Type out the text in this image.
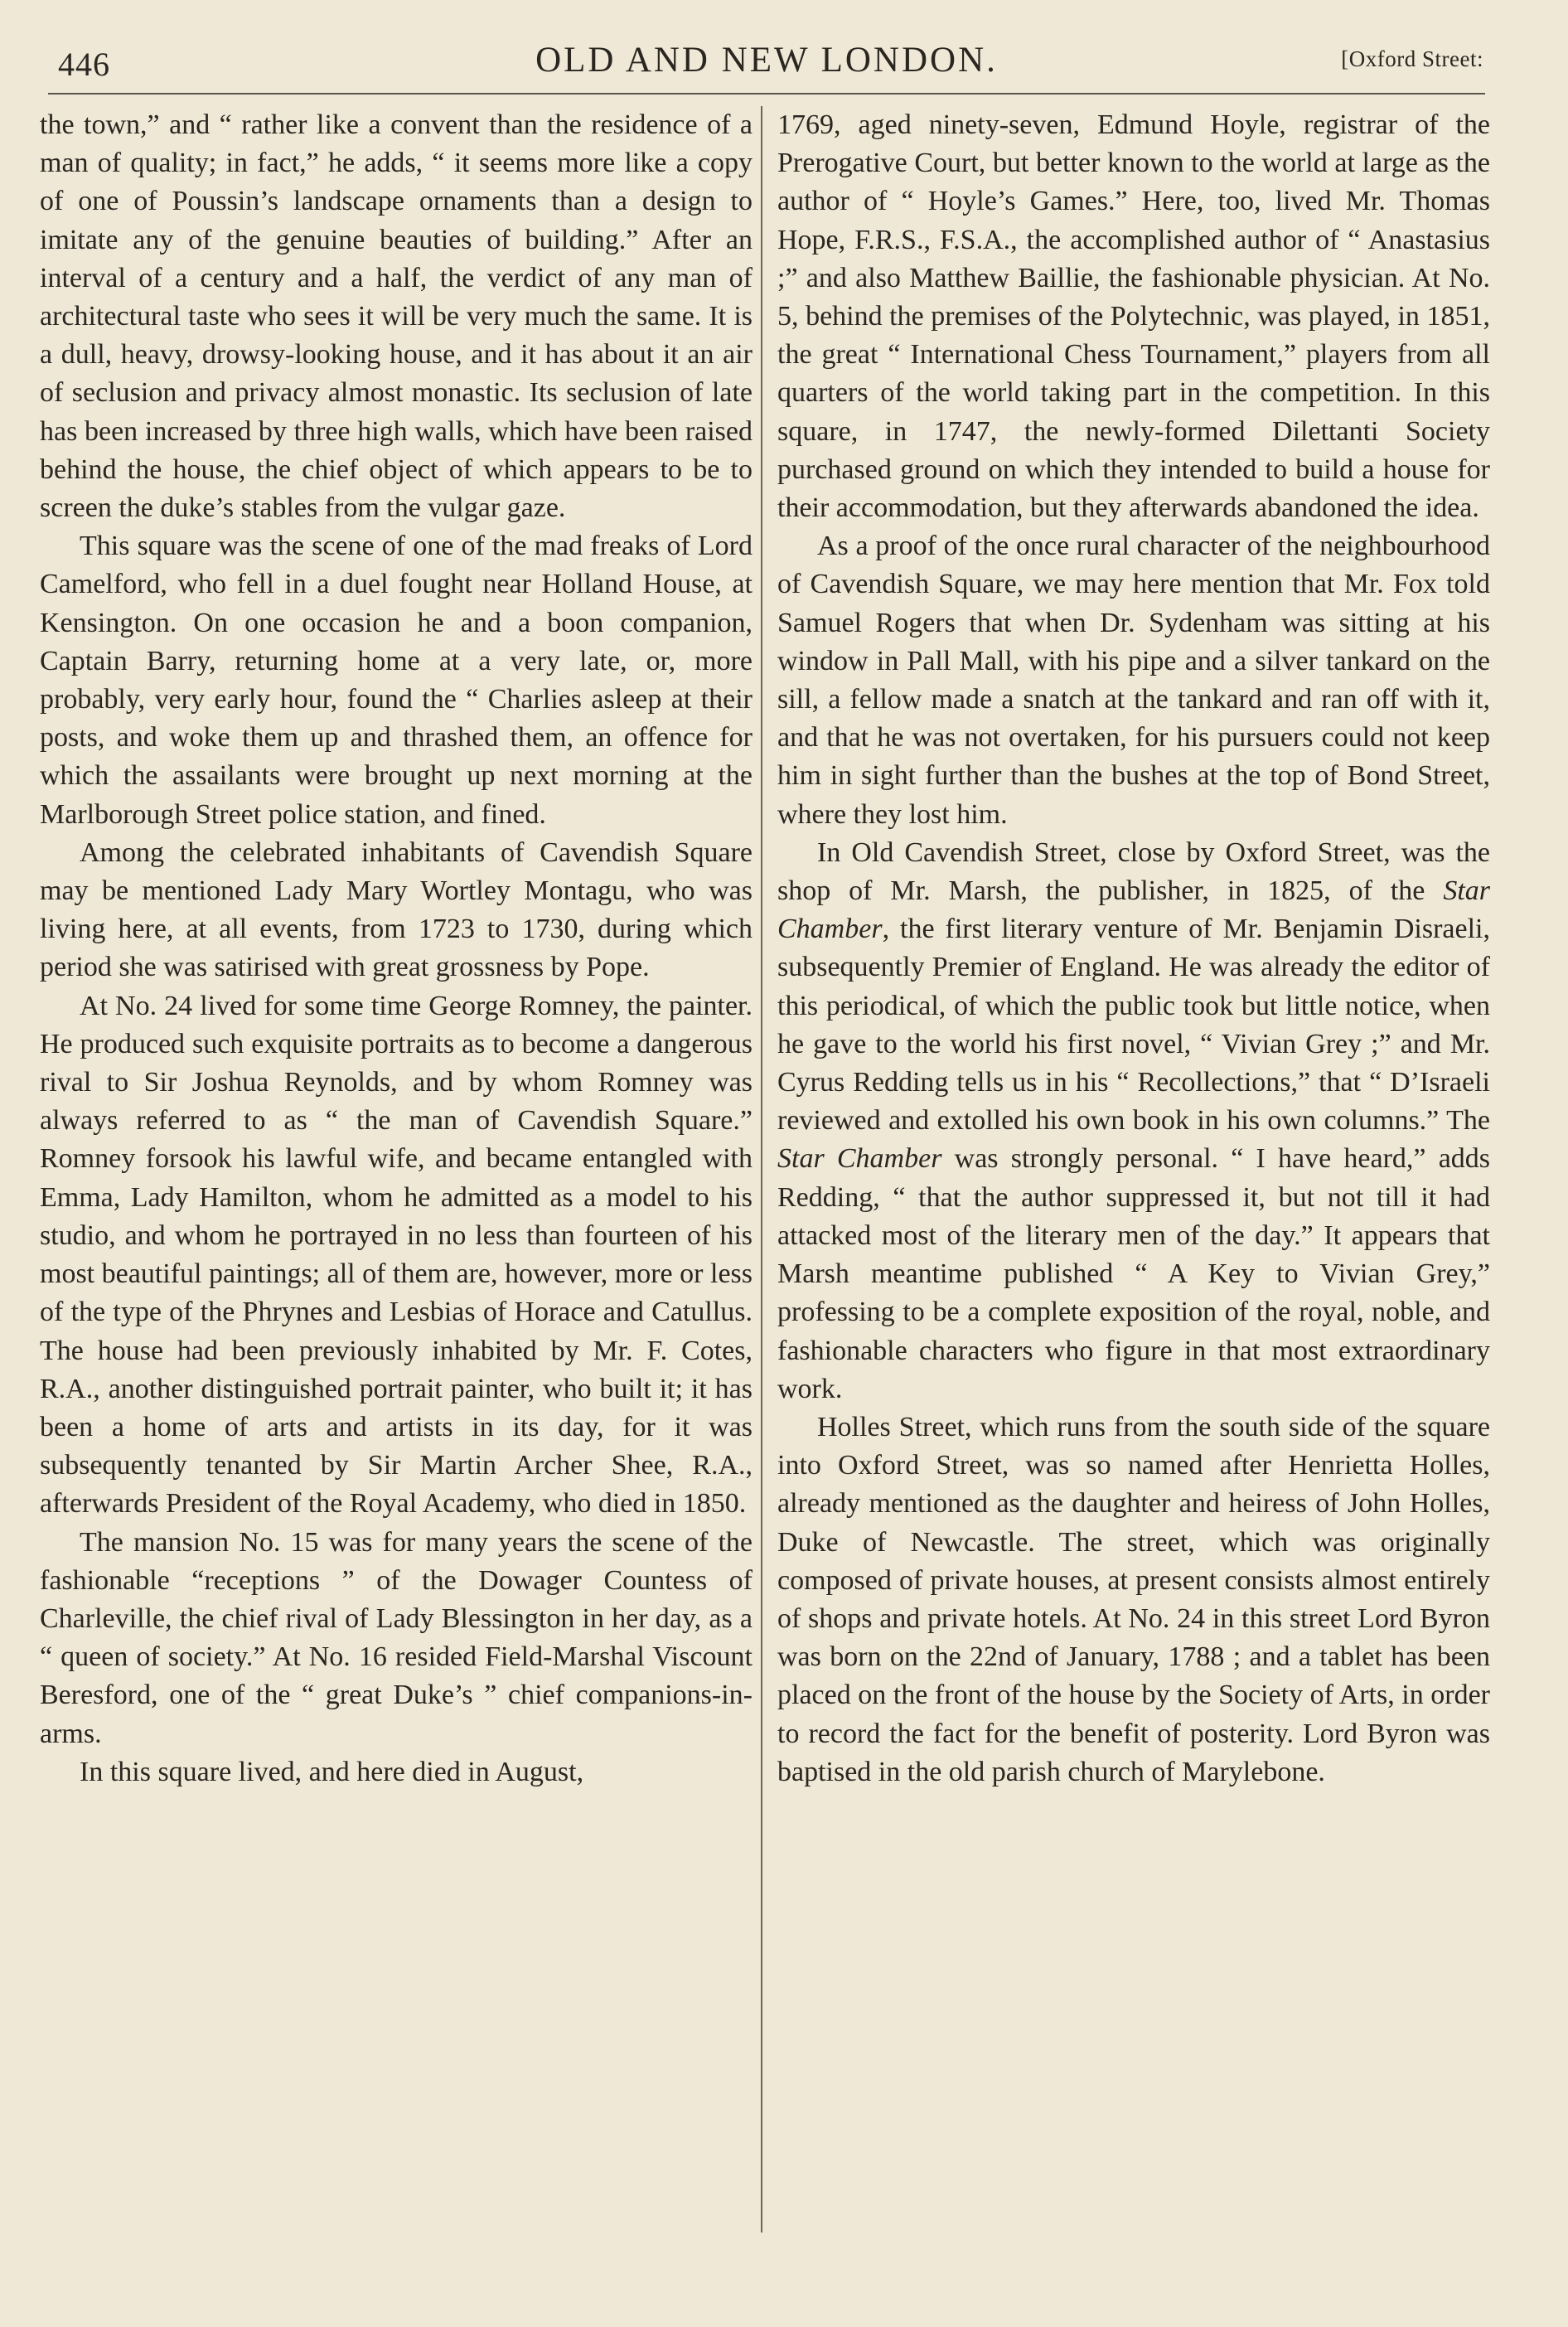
446	OLD AND NEW LONDON.	[Oxford Street:

the town,” and “ rather like a convent than the residence of a man of quality; in fact,” he adds, “ it seems more like a copy of one of Poussin’s landscape ornaments than a design to imitate any of the genuine beauties of building.” After an interval of a century and a half, the verdict of any man of architectural taste who sees it will be very much the same. It is a dull, heavy, drowsy-looking house, and it has about it an air of seclusion and privacy almost monastic. Its seclusion of late has been increased by three high walls, which have been raised behind the house, the chief object of which appears to be to screen the duke’s stables from the vulgar gaze.

This square was the scene of one of the mad freaks of Lord Camelford, who fell in a duel fought near Holland House, at Kensington. On one occasion he and a boon companion, Captain Barry, returning home at a very late, or, more probably, very early hour, found the “ Charlies asleep at their posts, and woke them up and thrashed them, an offence for which the assailants were brought up next morning at the Marlborough Street police station, and fined.

Among the celebrated inhabitants of Cavendish Square may be mentioned Lady Mary Wortley Montagu, who was living here, at all events, from 1723 to 1730, during which period she was satirised with great grossness by Pope.

At No. 24 lived for some time George Romney, the painter. He produced such exquisite portraits as to become a dangerous rival to Sir Joshua Reynolds, and by whom Romney was always referred to as “ the man of Cavendish Square.” Romney forsook his lawful wife, and became entangled with Emma, Lady Hamilton, whom he admitted as a model to his studio, and whom he portrayed in no less than fourteen of his most beautiful paintings; all of them are, however, more or less of the type of the Phrynes and Lesbias of Horace and Catullus. The house had been previously inhabited by Mr. F. Cotes, R.A., another distinguished portrait painter, who built it; it has been a home of arts and artists in its day, for it was subsequently tenanted by Sir Martin Archer Shee, R.A., afterwards President of the Royal Academy, who died in 1850.

The mansion No. 15 was for many years the scene of the fashionable “receptions ” of the Dowager Countess of Charleville, the chief rival of Lady Blessington in her day, as a “ queen of society.” At No. 16 resided Field-Marshal Viscount Beresford, one of the “ great Duke’s ” chief companions-in-arms.

In this square lived, and here died in August,

1769, aged ninety-seven, Edmund Hoyle, registrar of the Prerogative Court, but better known to the world at large as the author of “ Hoyle’s Games.” Here, too, lived Mr. Thomas Hope, F.R.S., F.S.A., the accomplished author of “ Anastasius ;” and also Matthew Baillie, the fashionable physician. At No. 5, behind the premises of the Polytechnic, was played, in 1851, the great “ International Chess Tournament,” players from all quarters of the world taking part in the competition. In this square, in 1747, the newly-formed Dilettanti Society purchased ground on which they intended to build a house for their accommodation, but they afterwards abandoned the idea.

As a proof of the once rural character of the neighbourhood of Cavendish Square, we may here mention that Mr. Fox told Samuel Rogers that when Dr. Sydenham was sitting at his window in Pall Mall, with his pipe and a silver tankard on the sill, a fellow made a snatch at the tankard and ran off with it, and that he was not overtaken, for his pursuers could not keep him in sight further than the bushes at the top of Bond Street, where they lost him.

In Old Cavendish Street, close by Oxford Street, was the shop of Mr. Marsh, the publisher, in 1825, of the Star Chamber, the first literary venture of Mr. Benjamin Disraeli, subsequently Premier of England. He was already the editor of this periodical, of which the public took but little notice, when he gave to the world his first novel, “ Vivian Grey ;” and Mr. Cyrus Redding tells us in his “ Recollections,” that “ D’Israeli reviewed and extolled his own book in his own columns.” The Star Chamber was strongly personal. “ I have heard,” adds Redding, “ that the author suppressed it, but not till it had attacked most of the literary men of the day.” It appears that Marsh meantime published “ A Key to Vivian Grey,” professing to be a complete exposition of the royal, noble, and fashionable characters who figure in that most extraordinary work.

Holles Street, which runs from the south side of the square into Oxford Street, was so named after Henrietta Holles, already mentioned as the daughter and heiress of John Holles, Duke of Newcastle. The street, which was originally composed of private houses, at present consists almost entirely of shops and private hotels. At No. 24 in this street Lord Byron was born on the 22nd of January, 1788 ; and a tablet has been placed on the front of the house by the Society of Arts, in order to record the fact for the benefit of posterity. Lord Byron was baptised in the old parish church of Marylebone.
